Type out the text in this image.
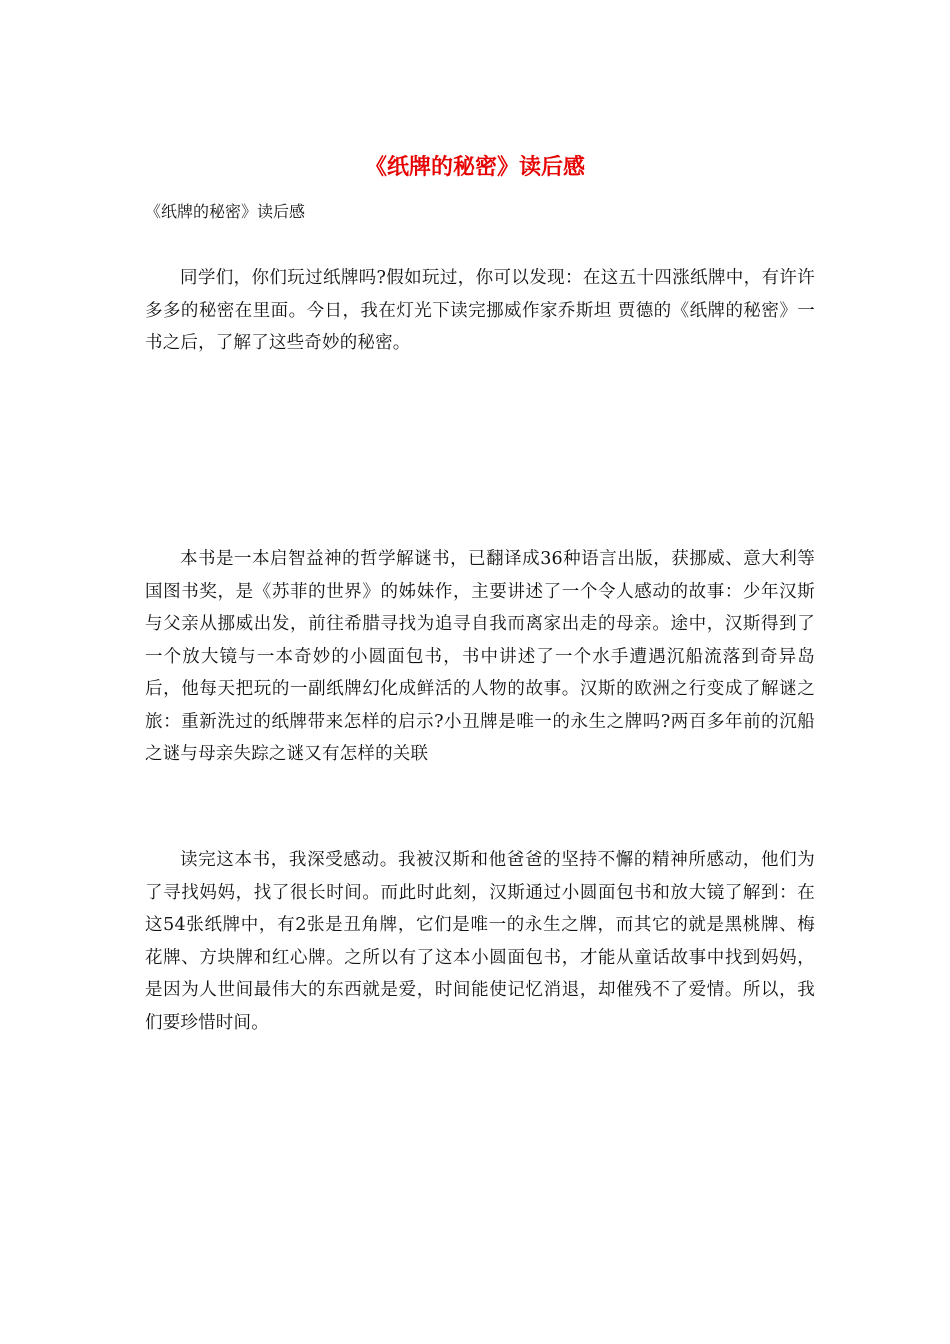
《纸牌的秘密》读后感

《纸牌的秘密》读后感

同学们，你们玩过纸牌吗?假如玩过，你可以发现：在这五十四涨纸牌中，有许许多多的秘密在里面。今日，我在灯光下读完挪威作家乔斯坦 贾德的《纸牌的秘密》一书之后，了解了这些奇妙的秘密。

本书是一本启智益神的哲学解谜书，已翻译成36种语言出版，获挪威、意大利等国图书奖，是《苏菲的世界》的姊妹作，主要讲述了一个令人感动的故事：少年汉斯与父亲从挪威出发，前往希腊寻找为追寻自我而离家出走的母亲。途中，汉斯得到了一个放大镜与一本奇妙的小圆面包书，书中讲述了一个水手遭遇沉船流落到奇异岛后，他每天把玩的一副纸牌幻化成鲜活的人物的故事。汉斯的欧洲之行变成了解谜之旅：重新洗过的纸牌带来怎样的启示?小丑牌是唯一的永生之牌吗?两百多年前的沉船之谜与母亲失踪之谜又有怎样的关联

读完这本书，我深受感动。我被汉斯和他爸爸的坚持不懈的精神所感动，他们为了寻找妈妈，找了很长时间。而此时此刻，汉斯通过小圆面包书和放大镜了解到：在这54张纸牌中，有2张是丑角牌，它们是唯一的永生之牌，而其它的就是黑桃牌、梅花牌、方块牌和红心牌。之所以有了这本小圆面包书，才能从童话故事中找到妈妈，是因为人世间最伟大的东西就是爱，时间能使记忆消退，却催残不了爱情。所以，我们要珍惜时间。
